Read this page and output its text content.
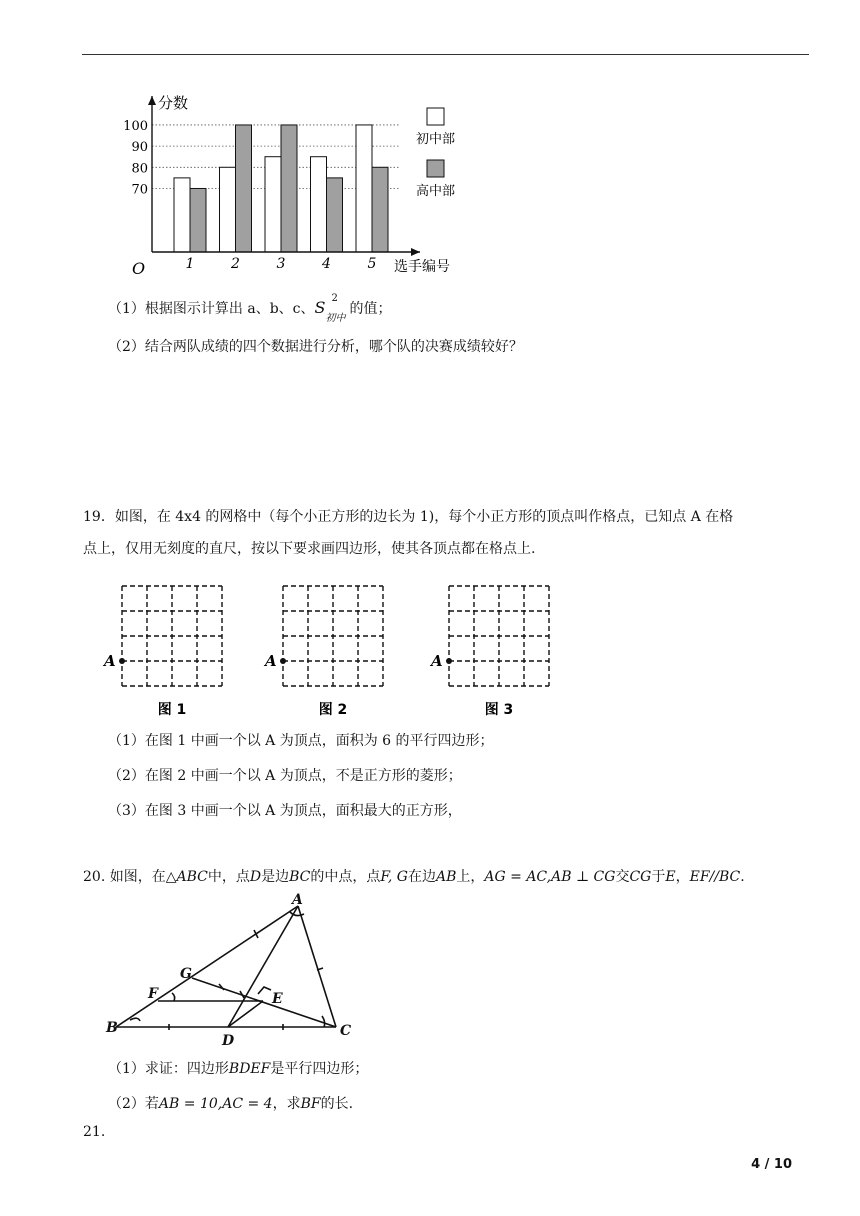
70
80
90
100
1	2	3	4	5
分数
选手编号
O
初中部
高中部
（1）根据图示计算出 a、b、c、S 2
初中
的值；
（2）结合两队成绩的四个数据进行分析，哪个队的决赛成绩较好？
19．如图，在 4x4 的网格中（每个小正方形的边长为 1)，每个小正方形的顶点叫作格点，已知点 A 在格
点上，仅用无刻度的直尺，按以下要求画四边形，使其各顶点都在格点上.
A
图 1
A
图 2
A
图 3
（1）在图 1 中画一个以 A 为顶点，面积为 6 的平行四边形；
（2）在图 2 中画一个以 A 为顶点，不是正方形的菱形；
（3）在图 3 中画一个以 A 为顶点，面积最大的正方形，
20. 如图，在△ABC中，点D是边BC的中点，点F, G在边AB上，AG = AC,AB ⊥ CG交CG于E，EF//BC.
A
B	C
D
E
F
G
（1）求证：四边形BDEF是平行四边形；
（2）若AB = 10,AC = 4，求BF的长.
21.
4 / 10
